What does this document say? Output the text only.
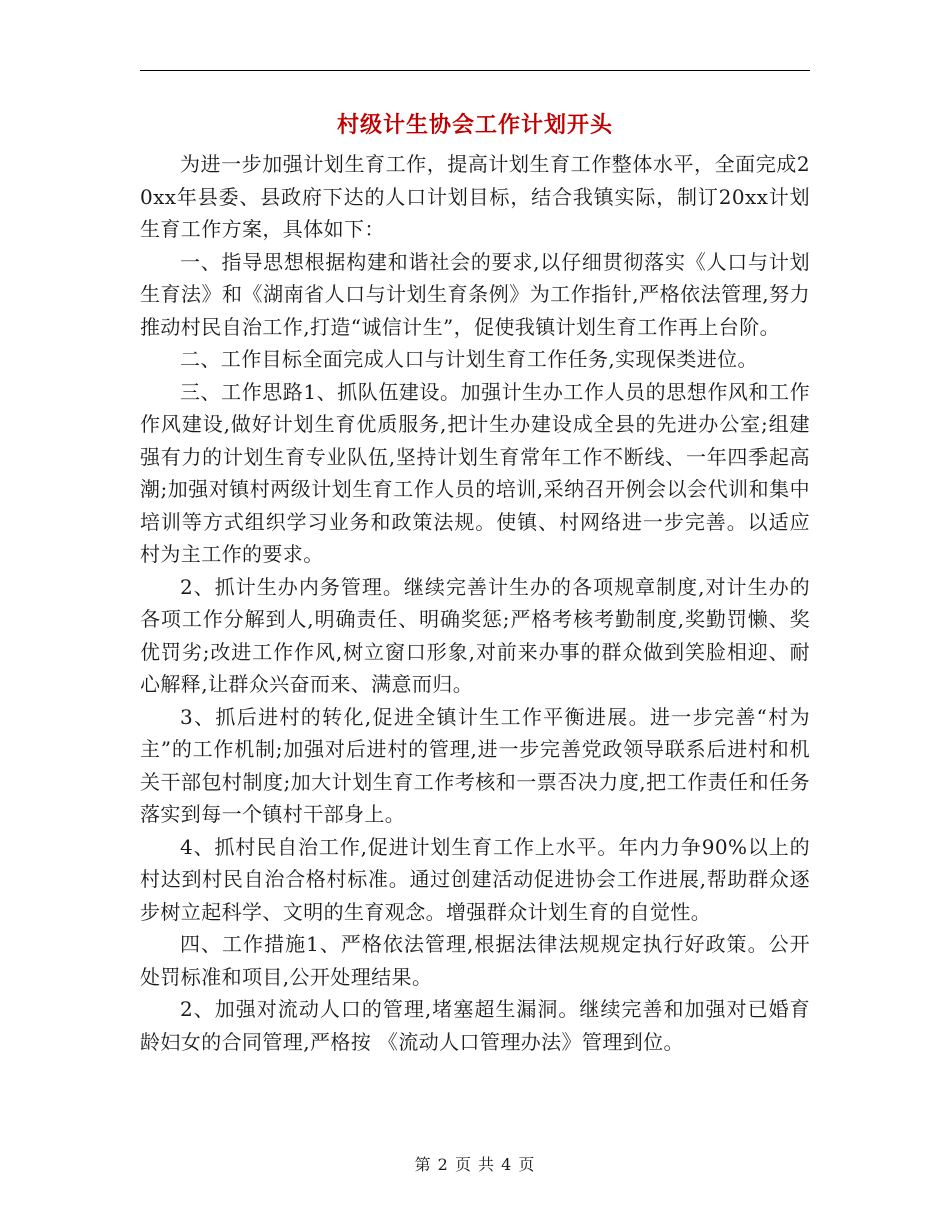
村级计生协会工作计划开头

为进一步加强计划生育工作，提高计划生育工作整体水平，全面完成20xx年县委、县政府下达的人口计划目标，结合我镇实际，制订20xx计划生育工作方案，具体如下：

一、指导思想根据构建和谐社会的要求,以仔细贯彻落实《人口与计划生育法》和《湖南省人口与计划生育条例》为工作指针,严格依法管理,努力推动村民自治工作,打造“诚信计生”，促使我镇计划生育工作再上台阶。

二、工作目标全面完成人口与计划生育工作任务,实现保类进位。

三、工作思路1、抓队伍建设。加强计生办工作人员的思想作风和工作作风建设,做好计划生育优质服务,把计生办建设成全县的先进办公室;组建强有力的计划生育专业队伍,坚持计划生育常年工作不断线、一年四季起高潮;加强对镇村两级计划生育工作人员的培训,采纳召开例会以会代训和集中培训等方式组织学习业务和政策法规。使镇、村网络进一步完善。以适应村为主工作的要求。

2、抓计生办内务管理。继续完善计生办的各项规章制度,对计生办的各项工作分解到人,明确责任、明确奖惩;严格考核考勤制度,奖勤罚懒、奖优罚劣;改进工作作风,树立窗口形象,对前来办事的群众做到笑脸相迎、耐心解释,让群众兴奋而来、满意而归。

3、抓后进村的转化,促进全镇计生工作平衡进展。进一步完善“村为主”的工作机制;加强对后进村的管理,进一步完善党政领导联系后进村和机关干部包村制度;加大计划生育工作考核和一票否决力度,把工作责任和任务落实到每一个镇村干部身上。

4、抓村民自治工作,促进计划生育工作上水平。年内力争90%以上的村达到村民自治合格村标准。通过创建活动促进协会工作进展,帮助群众逐步树立起科学、文明的生育观念。增强群众计划生育的自觉性。

四、工作措施1、严格依法管理,根据法律法规规定执行好政策。公开处罚标准和项目,公开处理结果。

2、加强对流动人口的管理,堵塞超生漏洞。继续完善和加强对已婚育龄妇女的合同管理,严格按 《流动人口管理办法》管理到位。

第 2 页 共 4 页
